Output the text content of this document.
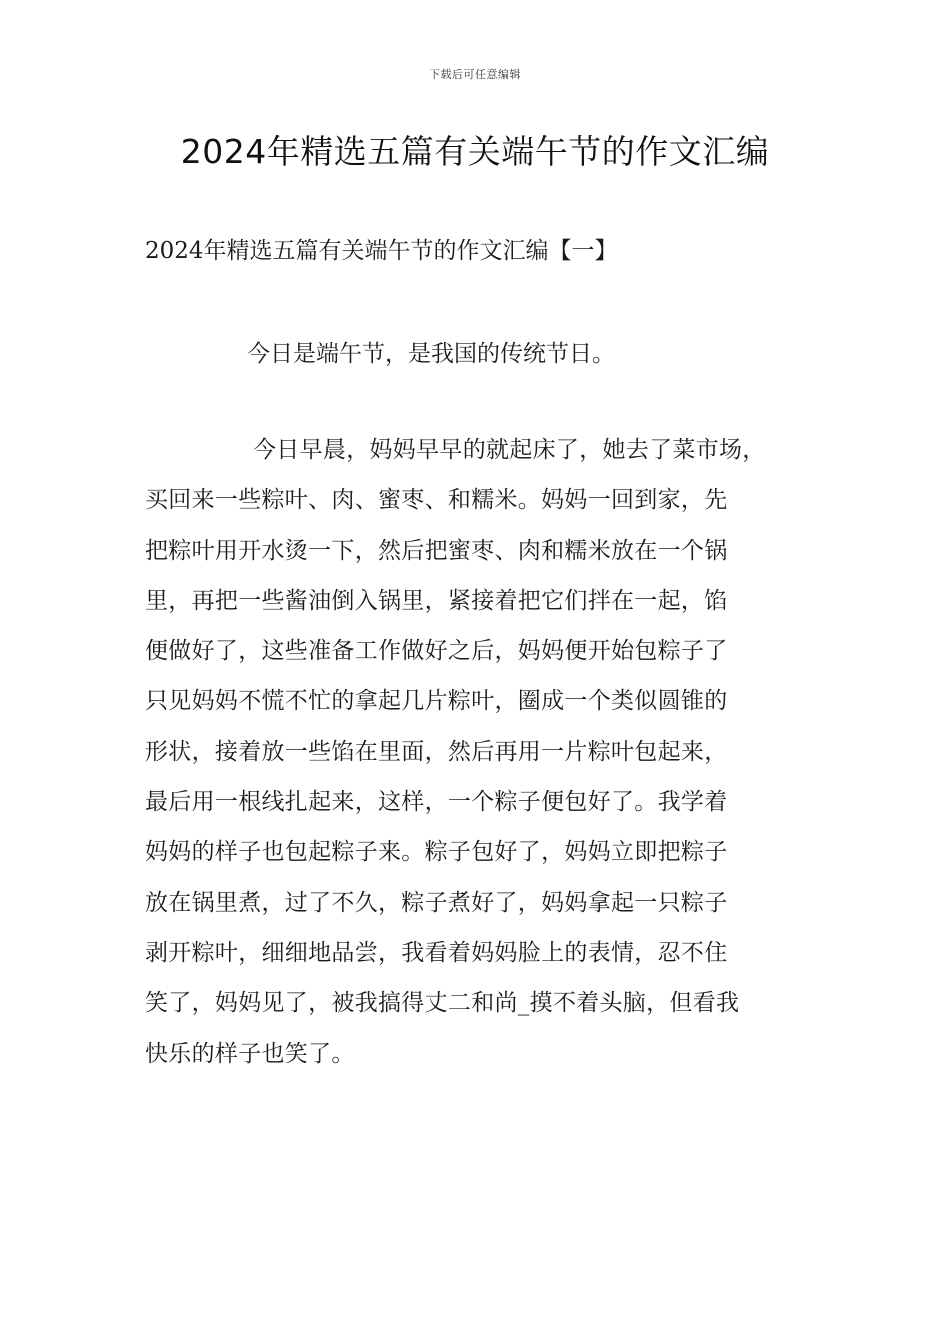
下载后可任意编辑
2024年精选五篇有关端午节的作文汇编

2024年精选五篇有关端午节的作文汇编【一】

今日是端午节，是我国的传统节日。

今日早晨，妈妈早早的就起床了，她去了菜市场，
买回来一些粽叶、肉、蜜枣、和糯米。妈妈一回到家，先
把粽叶用开水烫一下，然后把蜜枣、肉和糯米放在一个锅
里，再把一些酱油倒入锅里，紧接着把它们拌在一起，馅
便做好了，这些准备工作做好之后，妈妈便开始包粽子了
只见妈妈不慌不忙的拿起几片粽叶，圈成一个类似圆锥的
形状，接着放一些馅在里面，然后再用一片粽叶包起来，
最后用一根线扎起来，这样，一个粽子便包好了。我学着
妈妈的样子也包起粽子来。粽子包好了，妈妈立即把粽子
放在锅里煮，过了不久，粽子煮好了，妈妈拿起一只粽子
剥开粽叶，细细地品尝，我看着妈妈脸上的表情，忍不住
笑了，妈妈见了，被我搞得丈二和尚_摸不着头脑，但看我
快乐的样子也笑了。
